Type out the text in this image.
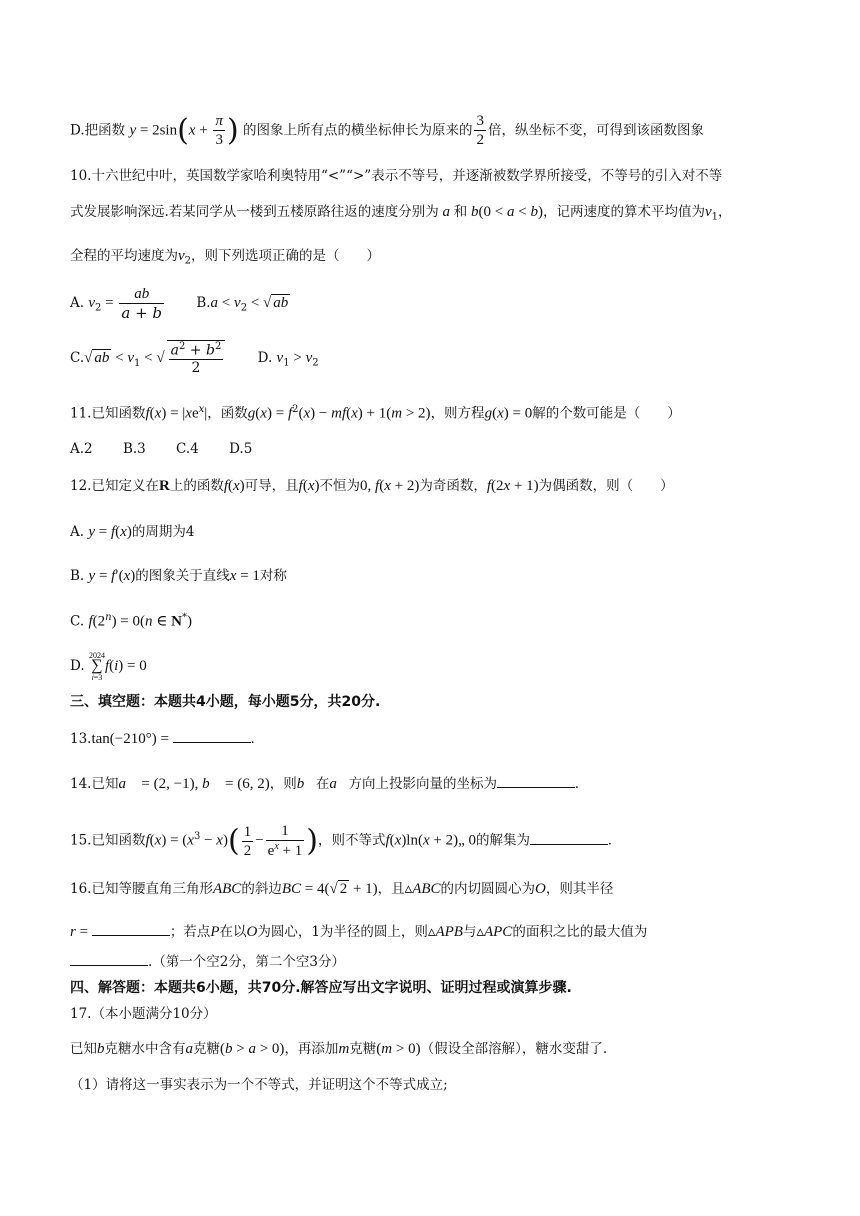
D.把函数 $y = 2\sin(x + \frac{\pi}{3}$ ) 的图象上所有点的横坐标伸长为原来的 $\frac{3}{2}$ 倍，纵坐标不变，可得到该函数图象
10.十六世纪中叶，英国数学家哈利奥特用“<”“>”表示不等号，并逐渐被数学界所接受，不等号的引入对不等
式发展影响深远.若某同学从一楼到五楼原路往返的速度分别为 a 和 b(0 < a < b)，记两速度的算术平均值为$v_1$，
全程的平均速度为$v_2$，则下列选项正确的是（　　）
A. $v_2 = \frac{ab}{a + b} B.a < v_2$ < √ ab
C.√ ab < $v_1$ < √ $\frac{a^2 + b^2}{2} D$. $v_1 > v_2$
11.已知函数$f(x) = |xe^x|$，函数$g(x) = f^2(x) - mf(x) + 1(m > 2)$，则方程g(x) = 0解的个数可能是（　　）
A.2 B.3 C.4 D.5
12.已知定义在R上的函数f(x)可导，且f(x)不恒为0, f(x + 2)为奇函数，f(2x + 1)为偶函数，则（　　）
A. y = f(x)的周期为4
B. y = f′(x)的图象关于直线x = 1对称
C. $f(2^n) = 0(n$ ∈ N*)
D.
2024
∑
i=3
f(i) = 0
三、填空题：本题共4小题，每小题5分，共20分.
13.tan(−210°) =	.
14.已知a⃗ = (2, −1), b⃗ = (6, 2)，则b⃗在a⃗方向上投影向量的坐标为	.
15.已知函数$f(x) = (x^3 - x)( \frac{1}{2} - \frac{1}{e^x + 1}$ )，则不等式f(x)ln(x + 2)„ 0的解集为	.
16.已知等腰直角三角形ABC的斜边BC = 4(√ 2 + 1)，且▵ABC的内切圆圆心为O，则其半径
r =	；若点P在以O为圆心，1为半径的圆上，则▵APB与▵APC的面积之比的最大值为
.（第一个空2分，第二个空3分）
四、解答题：本题共6小题，共70分.解答应写出文字说明、证明过程或演算步骤.
17.（本小题满分10分）
已知b克糖水中含有a克糖(b > a > 0)，再添加m克糖(m > 0)（假设全部溶解），糖水变甜了.
（1）请将这一事实表示为一个不等式，并证明这个不等式成立;
